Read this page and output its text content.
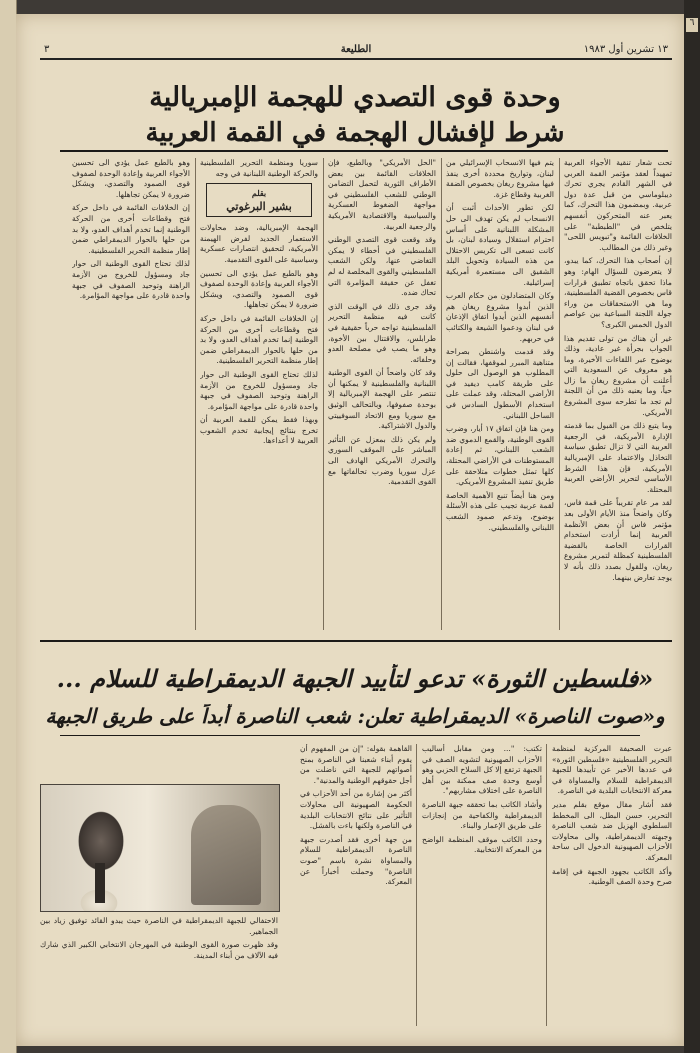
٦
١٣ تشرين أول ١٩٨٣
الطليعة
٣
وحدة قوى التصدي للهجمة الإمبريالية
شرط لإفشال الهجمة في القمة العربية

تحت شعار تنقية الأجواء العربية تمهيداً لعقد مؤتمر القمة العربي في الشهر القادم يجري تحرك ديبلوماسي من قبل عدة دول عربية. وبمضمون هذا التحرك، كما يعبر عنه المتحركون أنفسهم يتلخص في "الطبطبة" على الخلافات القائمة و"تبويس اللحى" وغير ذلك من المطالب.

إن أصحاب هذا التحرك، كما يبدو، لا يتعرضون للسؤال الهام: وهو ماذا تحقق باتجاه تطبيق قرارات قاس بخصوص القضية الفلسطينية، وما هي الاستحقاقات من وراء جولة اللجنة السباعية بين عواصم الدول الخمس الكبرى؟

غير أن هناك من تولى تقديم هذا الجواب بجرأة غير عادية، وذلك بوضوح عبر اللقاءات الأخيرة، وما هو معروف عن السعودية التي أعلنت أن مشروع ريغان ما زال حياً، وما يعنيه ذلك من أن اللجنة لم تجد ما تطرحه سوى المشروع الأمريكي.

وما يتبع ذلك من القبول بما قدمته الإدارة الأمريكية، في الرجعية العربية التي لا تزال تطبق سياسة التخاذل والاعتماد على الإمبريالية الأمريكية، فإن هذا الشرط الأساسي لتحرير الأراضي العربية المحتلة.

لقد مر عام تقريباً على قمة فاس، وكان واضحاً منذ الأيام الأولى بعد مؤتمر فاس أن بعض الأنظمة العربية إنما أرادت استخدام القرارات الخاصة بالقضية الفلسطينية كمظلة لتمرير مشروع ريغان، وللقول بصدد ذلك بأنه لا يوجد تعارض بينهما.

يتم فيها الانسحاب الإسرائيلي من لبنان، وتواريخ محددة أخرى ينفذ فيها مشروع ريغان بخصوص الضفة الغربية وقطاع غزة.

لكن تطور الأحداث أثبت أن الانسحاب لم يكن تهدف الى حل المشكلة اللبنانية على أساس احترام استقلال وسيادة لبنان، بل كانت تسعى الى تكريس الاحتلال من هذه السيادة وتحويل البلد الشقيق الى مستعمرة أمريكية إسرائيلية.

وكان المتضادلون من حكام العرب الذين أبدوا مشروع ريغان هم أنفسهم الذين أيدوا اتفاق الإذعان في لبنان ودعموا الشيعة والكتائب في حربهم.

وقد قدمت واشنطن بصراحة متناهية المبرر لموقفها، فقالت إن المطلوب هو الوصول الى حلول على طريقة كامب ديفيد في الأراضي المحتلة، وقد عملت على استخدام الأسطول السادس في الساحل اللبناني.

ومن هنا فإن اتفاق ١٧ أيار، وضرب القوى الوطنية، والقمع الدموي ضد الشعب اللبناني، ثم إعادة المستوطنات في الأراضي المحتلة، كلها تمثل خطوات متلاحقة على طريق تنفيذ المشروع الأمريكي.

ومن هنا أيضاً تنبع الأهمية الخاصة لقمة عربية تجيب على هذه الأسئلة بوضوح، وتدعم صمود الشعب اللبناني والفلسطيني.

"الحل الأمريكي" وبالطبع، فإن الخلافات القائمة بين بعض الأطراف الثورية لتحمل التضامن الوطني للشعب الفلسطيني في مواجهة الضغوط العسكرية والسياسية والاقتصادية الأمريكية والرجعية العربية.

وقد وقعت قوى التصدي الوطني الفلسطيني في أخطاء لا يمكن التغاضي عنها، ولكن الشعب الفلسطيني والقوى المخلصة له لم تغفل عن حقيقة المؤامرة التي تحاك ضده.

وقد جرى ذلك في الوقت الذي كانت فيه منظمة التحرير الفلسطينية تواجه حرباً حقيقية في طرابلس، والاقتتال بين الأخوة، وهو ما يصب في مصلحة العدو وحلفائه.

وقد كان واضحاً أن القوى الوطنية اللبنانية والفلسطينية لا يمكنها أن تنتصر على الهجمة الإمبريالية إلا بوحدة صفوفها، وبالتحالف الوثيق مع سوريا ومع الاتحاد السوفييتي والدول الاشتراكية.

ولم يكن ذلك بمعزل عن التأثير المباشر على الموقف السوري والتحرك الأمريكي الهادف الى عزل سوريا وضرب تحالفاتها مع القوى التقدمية.

سوريا ومنظمة التحرير الفلسطينية والحركة الوطنية اللبنانية في وجه

بقلم
بشير البرغوتي

الهجمة الإمبريالية، وضد محاولات الاستعمار الجديد لفرض الهيمنة الأمريكية، لتحقيق انتصارات عسكرية وسياسية على القوى التقدمية.

وهو بالطبع عمل يؤدي الى تحسين الأجواء العربية وإعادة الوحدة لصفوف قوى الصمود والتصدي، ويشكل ضرورة لا يمكن تجاهلها.

إن الخلافات القائمة في داخل حركة فتح وقطاعات أخرى من الحركة الوطنية إنما تخدم أهداف العدو، ولا بد من حلها بالحوار الديمقراطي ضمن إطار منظمة التحرير الفلسطينية.

لذلك تحتاج القوى الوطنية الى حوار جاد ومسؤول للخروج من الأزمة الراهنة وتوحيد الصفوف في جبهة واحدة قادرة على مواجهة المؤامرة.

وبهذا فقط يمكن للقمة العربية أن تخرج بنتائج إيجابية تخدم الشعوب العربية لا أعداءها.

وهو بالطبع عمل يؤدي الى تحسين الأجواء العربية وإعادة الوحدة لصفوف قوى الصمود والتصدي، ويشكل ضرورة لا يمكن تجاهلها.

إن الخلافات القائمة في داخل حركة فتح وقطاعات أخرى من الحركة الوطنية إنما تخدم أهداف العدو، ولا بد من حلها بالحوار الديمقراطي ضمن إطار منظمة التحرير الفلسطينية.

لذلك تحتاج القوى الوطنية الى حوار جاد ومسؤول للخروج من الأزمة الراهنة وتوحيد الصفوف في جبهة واحدة قادرة على مواجهة المؤامرة.

«فلسطين الثورة» تدعو لتأييد الجبهة الديمقراطية للسلام ...
و«صوت الناصرة» الديمقراطية تعلن: شعب الناصرة أبداً على طريق الجبهة

عبرت الصحيفة المركزية لمنظمة التحرير الفلسطينية «فلسطين الثورة» في عددها الأخير عن تأييدها للجبهة الديمقراطية للسلام والمساواة في معركة الانتخابات البلدية في الناصرة.

فقد أشار مقال موقع بقلم مدير التحرير، حسن البطل، الى المخطط السلطوي الهزيل ضد شعب الناصرة وجبهته الديمقراطية، والى محاولات الأحزاب الصهيونية الدخول الى ساحة المعركة.

وأكد الكاتب بجهود الجبهة في إقامة صرح وحدة الصف الوطنية.

تكتب: "... ومن مقابل أساليب الأحزاب الصهيونية لتشويه الصف في الجبهة ترتفع إلا كل السلاح الحزبي وهو أوسع وحدة صف ممكنة بين أهل الناصرة على اختلاف مشاربهم".

وأشاد الكاتب بما تحققه جبهة الناصرة الديمقراطية والكفاحية من إنجازات على طريق الإعمار والبناء.

وحدد الكاتب موقف المنظمة الواضح من المعركة الانتخابية.

القاهمة بقوله: "إن من المفهوم أن يقوم أبناء شعبنا في الناصرة بمنح أصواتهم للجبهة التي ناضلت من أجل حقوقهم الوطنية والمدنية".

أكثر من إشارة من أحد الأحزاب في الحكومة الصهيونية الى محاولات التأثير على نتائج الانتخابات البلدية في الناصرة ولكنها باءت بالفشل.

من جهة أخرى فقد أصدرت جبهة الناصرة الديمقراطية للسلام والمساواة نشرة باسم "صوت الناصرة" وحملت أخباراً عن المعركة.

الاحتفالي للجبهة الديمقراطية في الناصرة حيث يبدو القائد توفيق زياد بين الجماهير.

وقد ظهرت صورة القوى الوطنية في المهرجان الانتخابي الكبير الذي شارك فيه الآلاف من أبناء المدينة.
